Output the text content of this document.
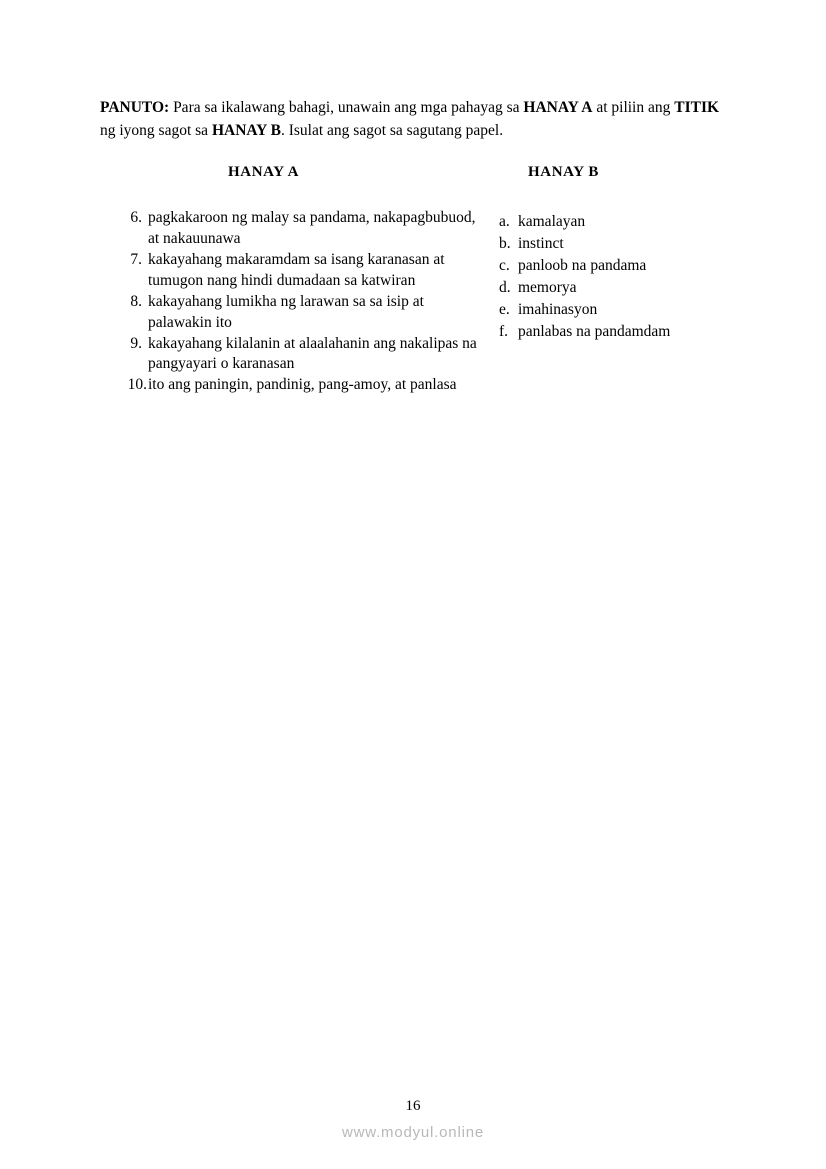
PANUTO: Para sa ikalawang bahagi, unawain ang mga pahayag sa HANAY A at piliin ang TITIK ng iyong sagot sa HANAY B. Isulat ang sagot sa sagutang papel.
HANAY A	HANAY B
6. pagkakaroon ng malay sa pandama, nakapagbubuod, at nakauunawa
7. kakayahang makaramdam sa isang karanasan at tumugon nang hindi dumadaan sa katwiran
8. kakayahang lumikha ng larawan sa sa isip at palawakin ito
9. kakayahang kilalanin at alaalahanin ang nakalipas na pangyayari o karanasan
10. ito ang paningin, pandinig, pang-amoy, at panlasa
a. kamalayan
b. instinct
c. panloob na pandama
d. memorya
e. imahinasyon
f. panlabas na pandamdam
16
www.modyul.online
